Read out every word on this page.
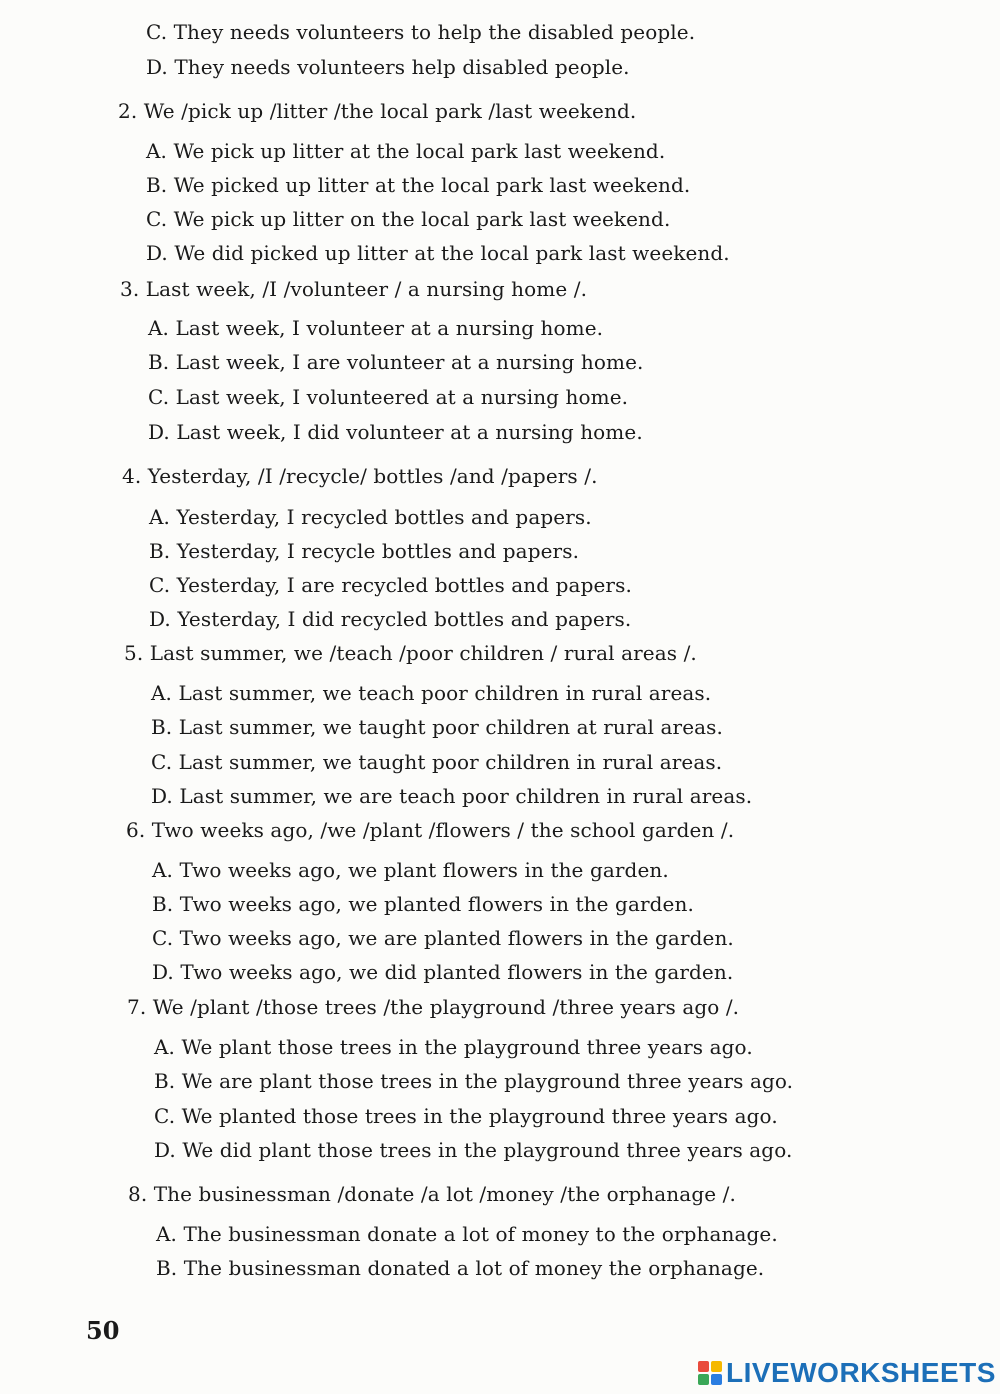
C. They needs volunteers to help the disabled people.
D. They needs volunteers help disabled people.
2. We /pick up /litter /the local park /last weekend.
A. We pick up litter at the local park last weekend.
B. We picked up litter at the local park last weekend.
C. We pick up litter on the local park last weekend.
D. We did picked up litter at the local park last weekend.
3. Last week, /I /volunteer / a nursing home /.
A. Last week, I volunteer at a nursing home.
B. Last week, I are volunteer at a nursing home.
C. Last week, I volunteered at a nursing home.
D. Last week, I did volunteer at a nursing home.
4. Yesterday, /I /recycle/ bottles /and /papers /.
A. Yesterday, I recycled bottles and papers.
B. Yesterday, I recycle bottles and papers.
C. Yesterday, I are recycled bottles and papers.
D. Yesterday, I did recycled bottles and papers.
5. Last summer, we /teach /poor children / rural areas /.
A. Last summer, we teach poor children in rural areas.
B. Last summer, we taught poor children at rural areas.
C. Last summer, we taught poor children in rural areas.
D. Last summer, we are teach poor children in rural areas.
6. Two weeks ago, /we /plant /flowers / the school garden /.
A. Two weeks ago, we plant flowers in the garden.
B. Two weeks ago, we planted flowers in the garden.
C. Two weeks ago, we are planted flowers in the garden.
D. Two weeks ago, we did planted flowers in the garden.
7. We /plant /those trees /the playground /three years ago /.
A. We plant those trees in the playground three years ago.
B. We are plant those trees in the playground three years ago.
C. We planted those trees in the playground three years ago.
D. We did plant those trees in the playground three years ago.
8. The businessman /donate /a lot /money /the orphanage /.
A. The businessman donate a lot of money to the orphanage.
B. The businessman donated a lot of money the orphanage.
50
LIVEWORKSHEETS
